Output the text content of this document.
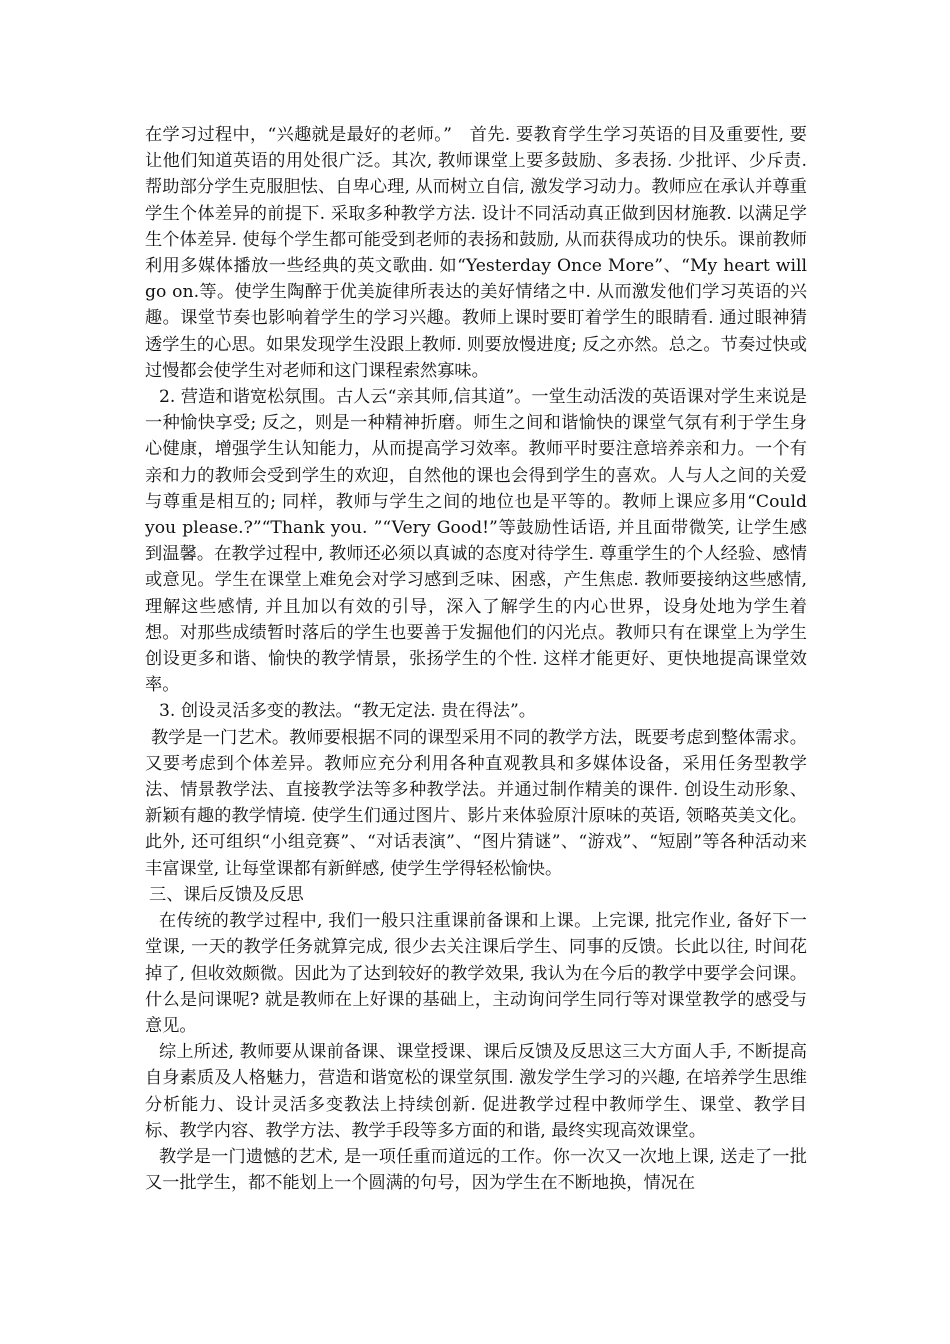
在学习过程中，“兴趣就是最好的老师。”　首先. 要教育学生学习英语的目及重要性, 要让他们知道英语的用处很广泛。其次, 教师课堂上要多鼓励、多表扬. 少批评、少斥责. 帮助部分学生克服胆怯、自卑心理, 从而树立自信, 激发学习动力。教师应在承认并尊重学生个体差异的前提下. 采取多种教学方法. 设计不同活动真正做到因材施教. 以满足学生个体差异. 使每个学生都可能受到老师的表扬和鼓励, 从而获得成功的快乐。课前教师利用多媒体播放一些经典的英文歌曲. 如“Yesterday Once More”、“My heart will go on.等。使学生陶醉于优美旋律所表达的美好情绪之中. 从而激发他们学习英语的兴趣。课堂节奏也影响着学生的学习兴趣。教师上课时要盯着学生的眼睛看. 通过眼神猜透学生的心思。如果发现学生没跟上教师. 则要放慢进度; 反之亦然。总之。节奏过快或过慢都会使学生对老师和这门课程索然寡味。

2. 营造和谐宽松氛围。古人云“亲其师,信其道”。一堂生动活泼的英语课对学生来说是一种愉快享受; 反之，则是一种精神折磨。师生之间和谐愉快的课堂气氛有利于学生身心健康，增强学生认知能力，从而提高学习效率。教师平时要注意培养亲和力。一个有亲和力的教师会受到学生的欢迎，自然他的课也会得到学生的喜欢。人与人之间的关爱与尊重是相互的; 同样，教师与学生之间的地位也是平等的。教师上课应多用“Could you please.?”“Thank you. ”“Very Good!”等鼓励性话语, 并且面带微笑, 让学生感到温馨。在教学过程中, 教师还必须以真诚的态度对待学生. 尊重学生的个人经验、感情或意见。学生在课堂上难免会对学习感到乏味、困惑，产生焦虑. 教师要接纳这些感情, 理解这些感情, 并且加以有效的引导，深入了解学生的内心世界，设身处地为学生着想。对那些成绩暂时落后的学生也要善于发掘他们的闪光点。教师只有在课堂上为学生创设更多和谐、愉快的教学情景，张扬学生的个性. 这样才能更好、更快地提高课堂效率。

3. 创设灵活多变的教法。“教无定法. 贵在得法”。

教学是一门艺术。教师要根据不同的课型采用不同的教学方法，既要考虑到整体需求。又要考虑到个体差异。教师应充分利用各种直观教具和多媒体设备，采用任务型教学法、情景教学法、直接教学法等多种教学法。并通过制作精美的课件. 创设生动形象、新颖有趣的教学情境. 使学生们通过图片、影片来体验原汁原味的英语, 领略英美文化。此外, 还可组织“小组竞赛”、“对话表演”、“图片猜谜”、“游戏”、“短剧”等各种活动来丰富课堂, 让每堂课都有新鲜感, 使学生学得轻松愉快。

三、课后反馈及反思

在传统的教学过程中, 我们一般只注重课前备课和上课。上完课, 批完作业, 备好下一堂课, 一天的教学任务就算完成, 很少去关注课后学生、同事的反馈。长此以往, 时间花掉了, 但收效颇微。因此为了达到较好的教学效果, 我认为在今后的教学中要学会问课。什么是问课呢? 就是教师在上好课的基础上，主动询问学生同行等对课堂教学的感受与意见。

综上所述, 教师要从课前备课、课堂授课、课后反馈及反思这三大方面人手, 不断提高自身素质及人格魅力，营造和谐宽松的课堂氛围. 激发学生学习的兴趣, 在培养学生思维分析能力、设计灵活多变教法上持续创新. 促进教学过程中教师学生、课堂、教学目标、教学内容、教学方法、教学手段等多方面的和谐, 最终实现高效课堂。

教学是一门遗憾的艺术, 是一项任重而道远的工作。你一次又一次地上课, 送走了一批又一批学生，都不能划上一个圆满的句号，因为学生在不断地换，情况在
